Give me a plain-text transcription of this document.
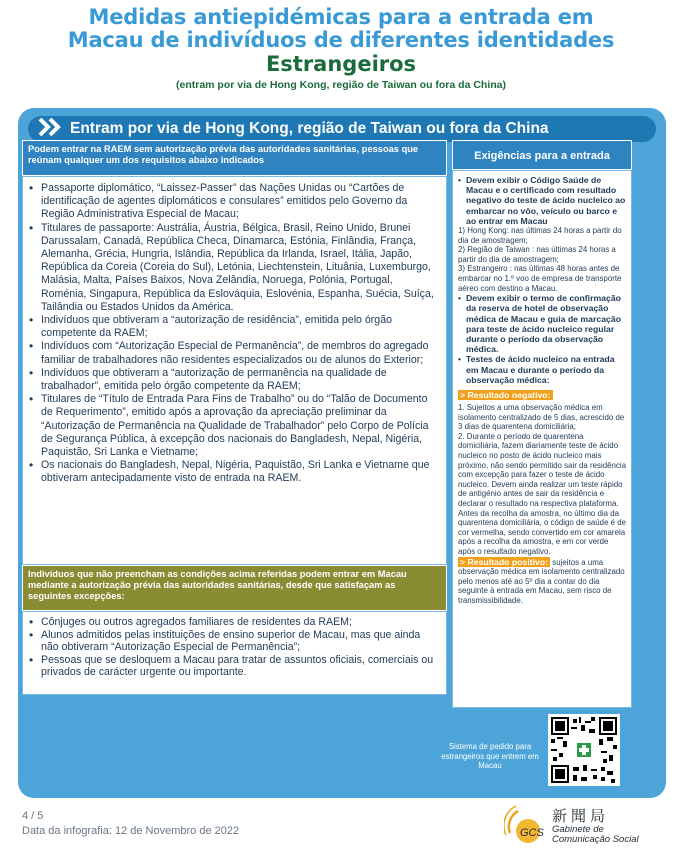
Medidas antiepidémicas para a entrada em
Macau de indivíduos de diferentes identidades
Estrangeiros
(entram por via de Hong Kong, região de Taiwan ou fora da China)
Entram por via de Hong Kong, região de Taiwan ou fora da China
Podem entrar na RAEM sem autorização prévia das autoridades sanitárias, pessoas que reúnam qualquer um dos requisitos abaixo indicados
• Passaporte diplomático, “Laissez-Passer” das Nações Unidas ou “Cartões de identificação de agentes diplomáticos e consulares” emitidos pelo Governo da Região Administrativa Especial de Macau;
• Titulares de passaporte: Austrália, Áustria, Bélgica, Brasil, Reino Unido, Brunei Darussalam, Canadá, República Checa, Dinamarca, Estónia, Finlândia, França, Alemanha, Grécia, Hungria, Islândia, República da Irlanda, Israel, Itália, Japão, República da Coreia (Coreia do Sul), Letónia, Liechtenstein, Lituânia, Luxemburgo, Malásia, Malta, Países Baixos, Nova Zelândia, Noruega, Polónia, Portugal, Roménia, Singapura, República da Eslováquia, Eslovénia, Espanha, Suécia, Suíça, Tailândia ou Estados Unidos da América.
• Indivíduos que obtiveram a “autorização de residência”, emitida pelo órgão competente da RAEM;
• Indivíduos com “Autorização Especial de Permanência”, de membros do agregado familiar de trabalhadores não residentes especializados ou de alunos do Exterior;
• Indivíduos que obtiveram a “autorização de permanência na qualidade de trabalhador”, emitida pelo órgão competente da RAEM;
• Titulares de “Título de Entrada Para Fins de Trabalho” ou do “Talão de Documento de Requerimento”, emitido após a aprovação da apreciação preliminar da “Autorização de Permanência na Qualidade de Trabalhador” pelo Corpo de Polícia de Segurança Pública, à excepção dos nacionais do Bangladesh, Nepal, Nigéria, Paquistão, Sri Lanka e Vietname;
• Os nacionais do Bangladesh, Nepal, Nigéria, Paquistão, Sri Lanka e Vietname que obtiveram antecipadamente visto de entrada na RAEM.
Indivíduos que não preencham as condições acima referidas podem entrar em Macau mediante a autorização prévia das autoridades sanitárias, desde que satisfaçam as seguintes excepções:
• Cônjuges ou outros agregados familiares de residentes da RAEM;
• Alunos admitidos pelas instituições de ensino superior de Macau, mas que ainda não obtiveram “Autorização Especial de Permanência”;
• Pessoas que se desloquem a Macau para tratar de assuntos oficiais, comerciais ou privados de carácter urgente ou importante.
Exigências para a entrada
• Devem exibir o Código Saúde de Macau e o certificado com resultado negativo do teste de ácido nucleico ao embarcar no vôo, veículo ou barco e ao entrar em Macau
1) Hong Kong: nas últimas 24 horas a partir do dia de amostragem;
2) Região de Taiwan : nas últimas 24 horas a partir do dia de amostragem;
3) Estrangeiro : nas últimas 48 horas antes de embarcar no 1.º voo de empresa de transporte aéreo com destino a Macau.
• Devem exibir o termo de confirmação da reserva de hotel de observação médica de Macau e guia de marcação para teste de ácido nucleico regular durante o período da observação médica.
• Testes de ácido nucleico na entrada em Macau e durante o período da observação médica:
> Resultado negativo:
1. Sujeitos a uma observação médica em isolamento centralizado de 5 dias, acrescido de 3 dias de quarentena domiciliária;
2. Durante o período de quarentena domiciliária, fazem diariamente teste de ácido nucleico no posto de ácido nucleico mais próximo, não sendo permitido sair da residência com excepção para fazer o teste de ácido nucleico. Devem ainda realizar um teste rápido de antigénio antes de sair da residência e declarar o resultado na respectiva plataforma. Antes da recolha da amostra, no último dia da quarentena domiciliária, o código de saúde é de cor vermelha, sendo convertido em cor amarela após a recolha da amostra, e em cor verde após o resultado negativo.
> Resultado positivo: sujeitos a uma observação médica em isolamento centralizado pelo menos até ao 5º dia a contar do dia seguinte à entrada em Macau, sem risco de transmissibilidade.
Sistema de pedido para estrangeiros que entrem em Macau
4 / 5
Data da infografia: 12 de Novembro de 2022	GCS
新聞局
Gabinete de
Comunicação Social
